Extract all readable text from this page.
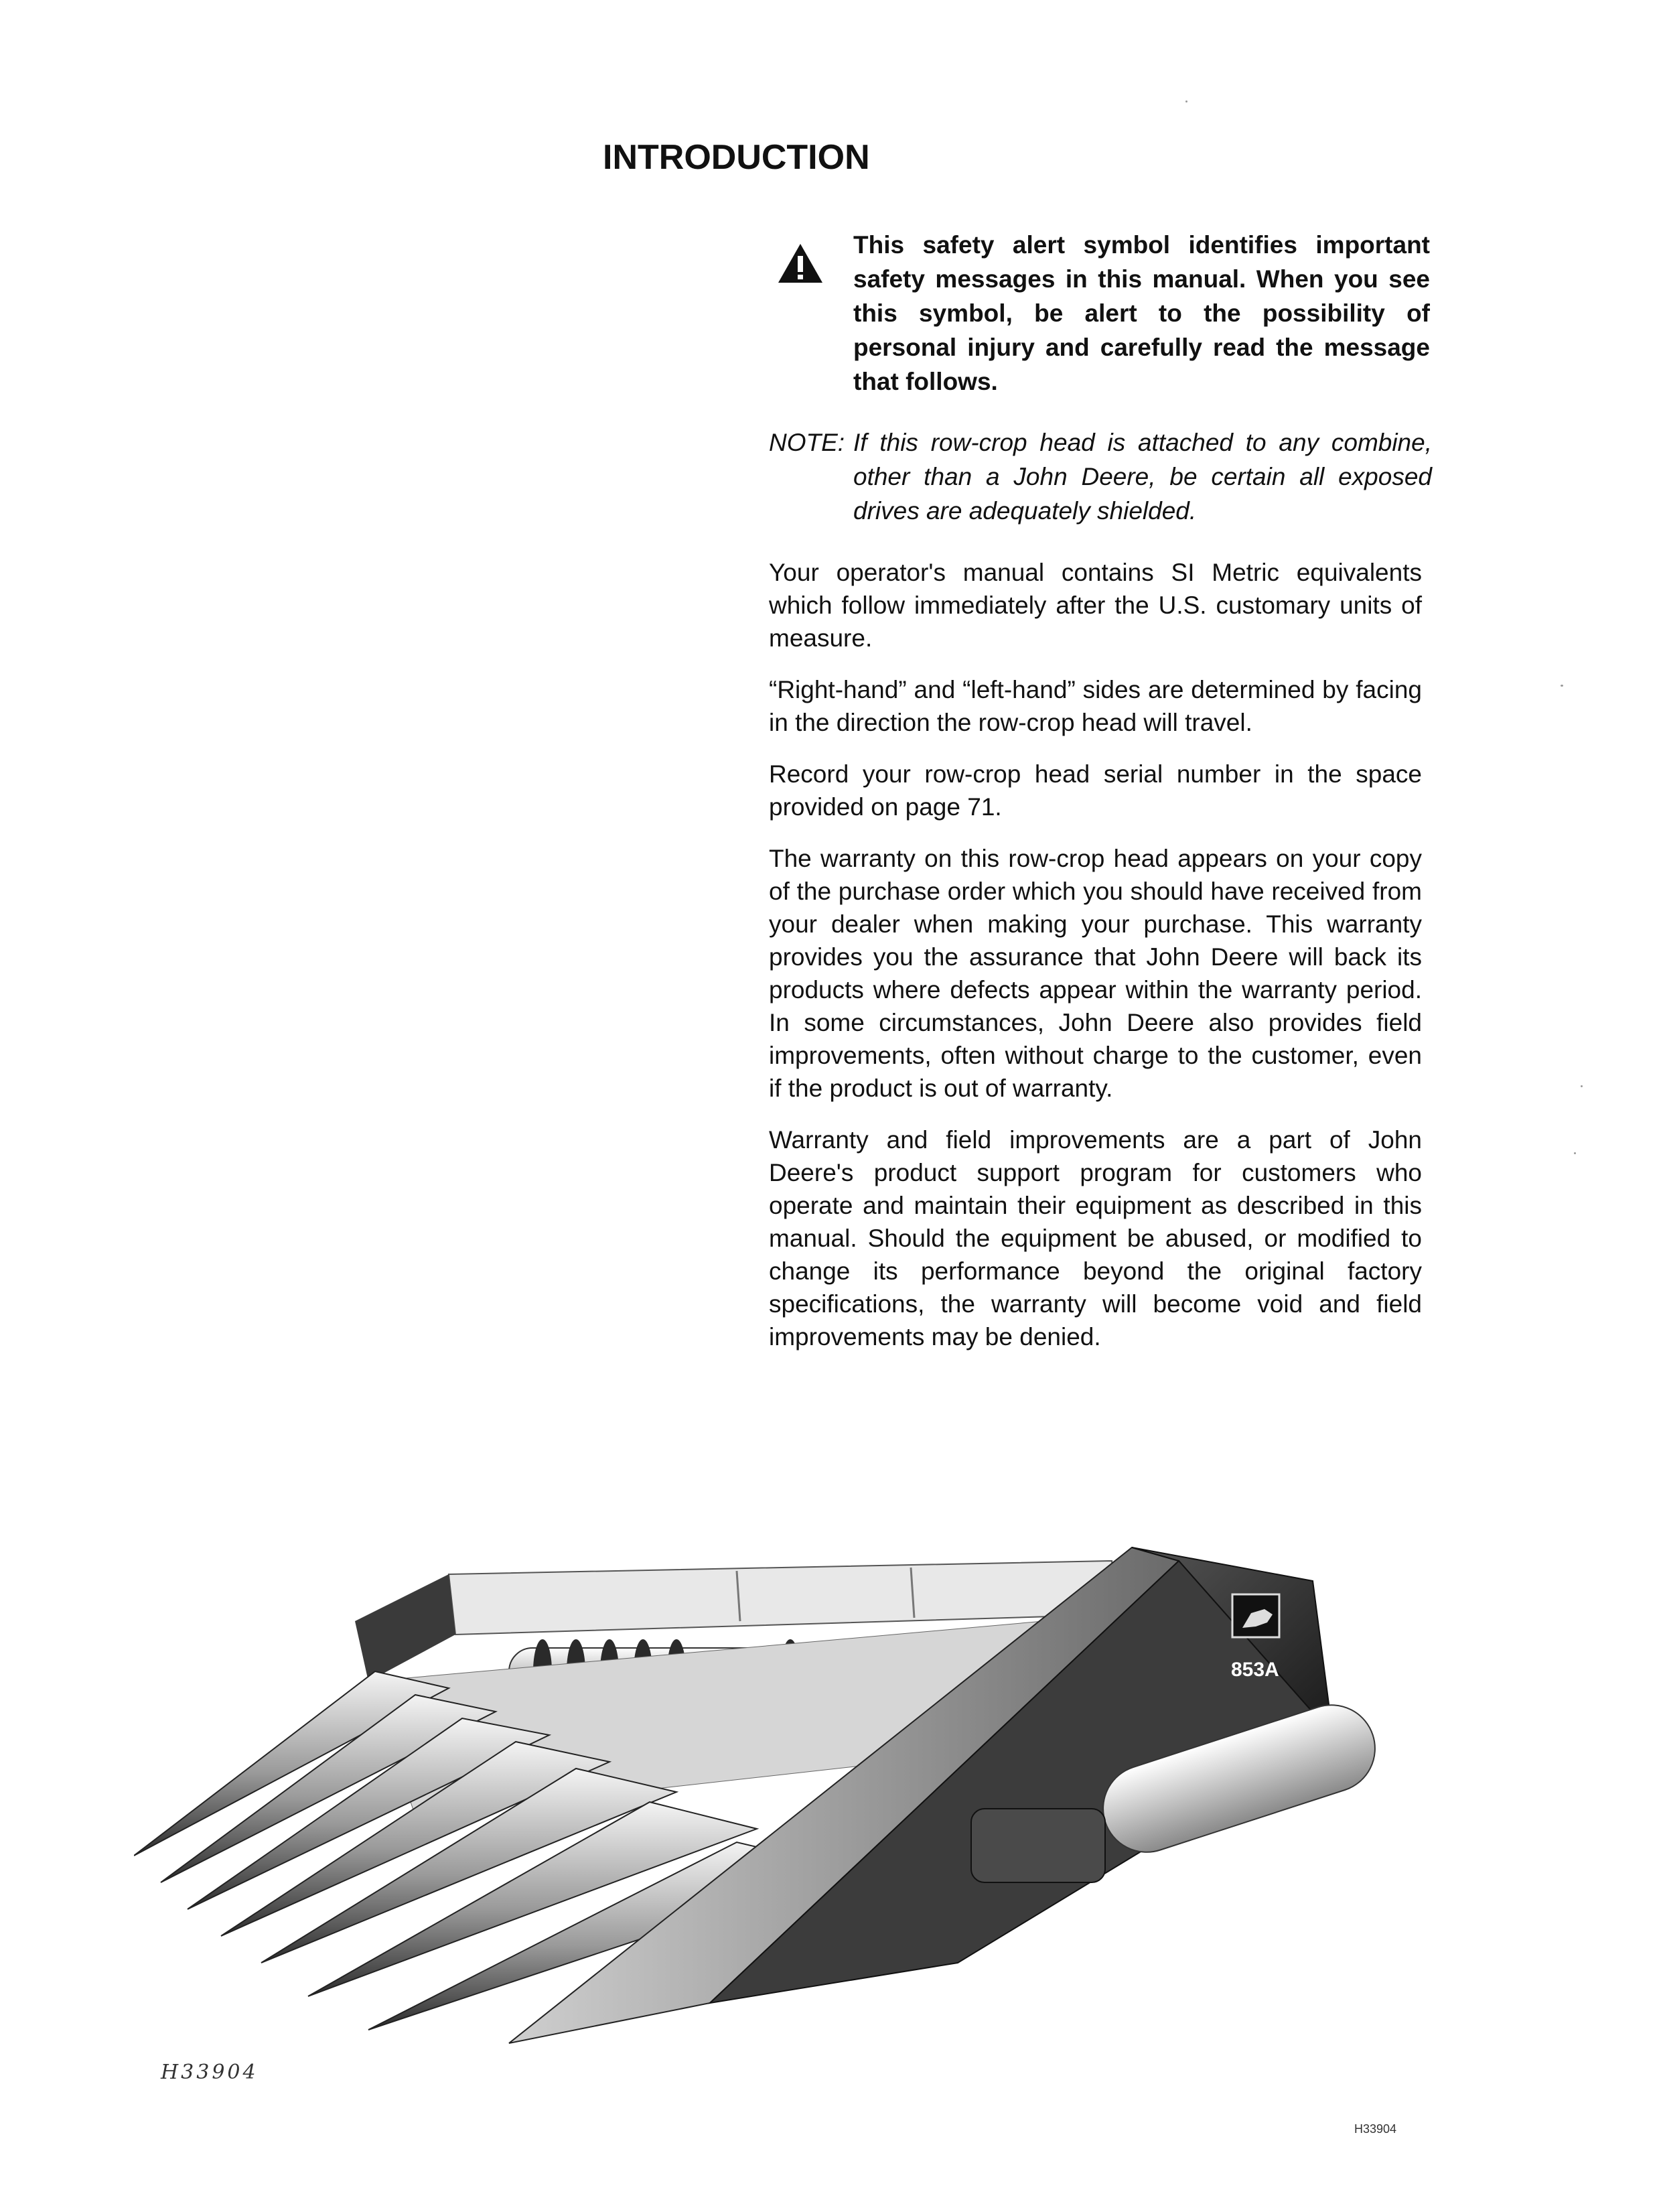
INTRODUCTION
This safety alert symbol identifies important safety messages in this manual. When you see this symbol, be alert to the possibility of personal injury and carefully read the message that follows.
NOTE: If this row-crop head is attached to any combine, other than a John Deere, be certain all exposed drives are adequately shielded.

Your operator's manual contains SI Metric equivalents which follow immediately after the U.S. customary units of measure.

“Right-hand” and “left-hand” sides are determined by facing in the direction the row-crop head will travel.

Record your row-crop head serial number in the space provided on page 71.

The warranty on this row-crop head appears on your copy of the purchase order which you should have received from your dealer when making your purchase. This warranty provides you the assurance that John Deere will back its products where defects appear within the warranty period. In some circumstances, John Deere also provides field improvements, often without charge to the customer, even if the product is out of warranty.

Warranty and field improvements are a part of John Deere's product support program for customers who operate and maintain their equipment as described in this manual. Should the equipment be abused, or modified to change its performance beyond the original factory specifications, the warranty will become void and field improvements may be denied.

853A
H33904
H33904
